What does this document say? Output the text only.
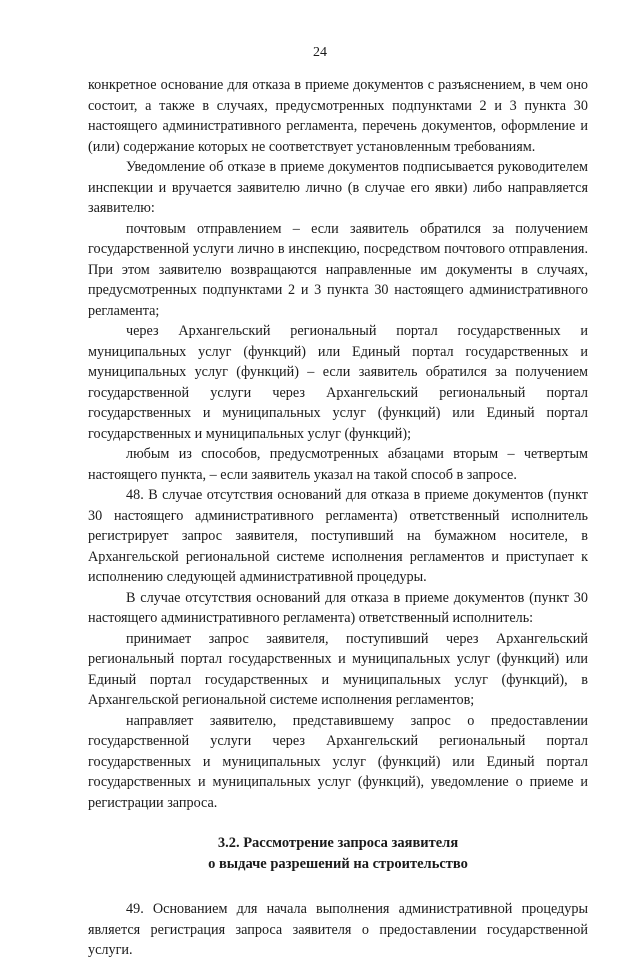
24

конкретное основание для отказа в приеме документов с разъяснением, в чем оно состоит, а также в случаях, предусмотренных подпунктами 2 и 3 пункта 30 настоящего административного регламента, перечень документов, оформление и (или) содержание которых не соответствует установленным требованиям.

Уведомление об отказе в приеме документов подписывается руководителем инспекции и вручается заявителю лично (в случае его явки) либо направляется заявителю:

почтовым отправлением – если заявитель обратился за получением государственной услуги лично в инспекцию, посредством почтового отправления. При этом заявителю возвращаются направленные им документы в случаях, предусмотренных подпунктами 2 и 3 пункта 30 настоящего административного регламента;

через Архангельский региональный портал государственных и муниципальных услуг (функций) или Единый портал государственных и муниципальных услуг (функций) – если заявитель обратился за получением государственной услуги через Архангельский региональный портал государственных и муниципальных услуг (функций) или Единый портал государственных и муниципальных услуг (функций);

любым из способов, предусмотренных абзацами вторым – четвертым настоящего пункта, – если заявитель указал на такой способ в запросе.

48. В случае отсутствия оснований для отказа в приеме документов (пункт 30 настоящего административного регламента) ответственный исполнитель регистрирует запрос заявителя, поступивший на бумажном носителе, в Архангельской региональной системе исполнения регламентов и приступает к исполнению следующей административной процедуры.

В случае отсутствия оснований для отказа в приеме документов (пункт 30 настоящего административного регламента) ответственный исполнитель:

принимает запрос заявителя, поступивший через Архангельский региональный портал государственных и муниципальных услуг (функций) или Единый портал государственных и муниципальных услуг (функций), в Архангельской региональной системе исполнения регламентов;

направляет заявителю, представившему запрос о предоставлении государственной услуги через Архангельский региональный портал государственных и муниципальных услуг (функций) или Единый портал государственных и муниципальных услуг (функций), уведомление о приеме и регистрации запроса.

3.2. Рассмотрение запроса заявителя
о выдаче разрешений на строительство

49. Основанием для начала выполнения административной процедуры является регистрация запроса заявителя о предоставлении государственной услуги.
